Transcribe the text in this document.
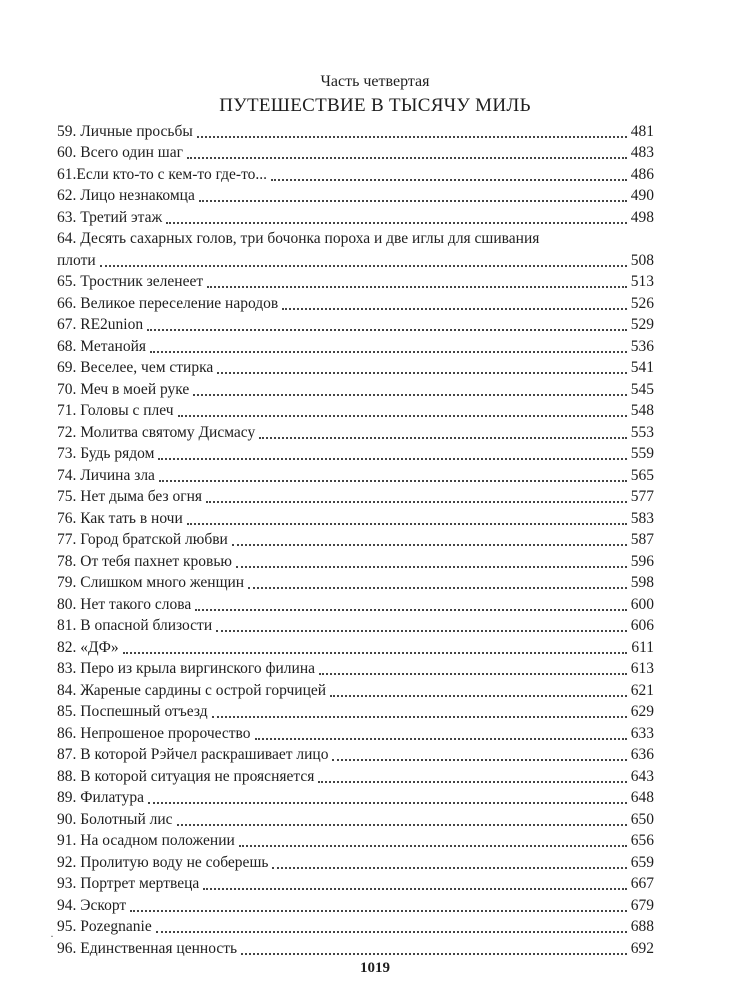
Часть четвертая
ПУТЕШЕСТВИЕ В ТЫСЯЧУ МИЛЬ
59. Личные просьбы	481
60. Всего один шаг	483
61.Если кто-то с кем-то где-то...	486
62. Лицо незнакомца	490
63. Третий этаж	498
64. Десять сахарных голов, три бочонка пороха и две иглы для сшивания
плоти	508
65. Тростник зеленеет	513
66. Великое переселение народов	526
67. RE2union	529
68. Метанойя	536
69. Веселее, чем стирка	541
70. Меч в моей руке	545
71. Головы с плеч	548
72. Молитва святому Дисмасу	553
73. Будь рядом	559
74. Личина зла	565
75. Нет дыма без огня	577
76. Как тать в ночи	583
77. Город братской любви	587
78. От тебя пахнет кровью	596
79. Слишком много женщин	598
80. Нет такого слова	600
81. В опасной близости	606
82. «ДФ»	611
83. Перо из крыла виргинского филина	613
84. Жареные сардины с острой горчицей	621
85. Поспешный отъезд	629
86. Непрошеное пророчество	633
87. В которой Рэйчел раскрашивает лицо	636
88. В которой ситуация не проясняется	643
89. Филатура	648
90. Болотный лис	650
91. На осадном положении	656
92. Пролитую воду не соберешь	659
93. Портрет мертвеца	667
94. Эскорт	679
95. Pozegnanie	688
96. Единственная ценность	692
·
1019
